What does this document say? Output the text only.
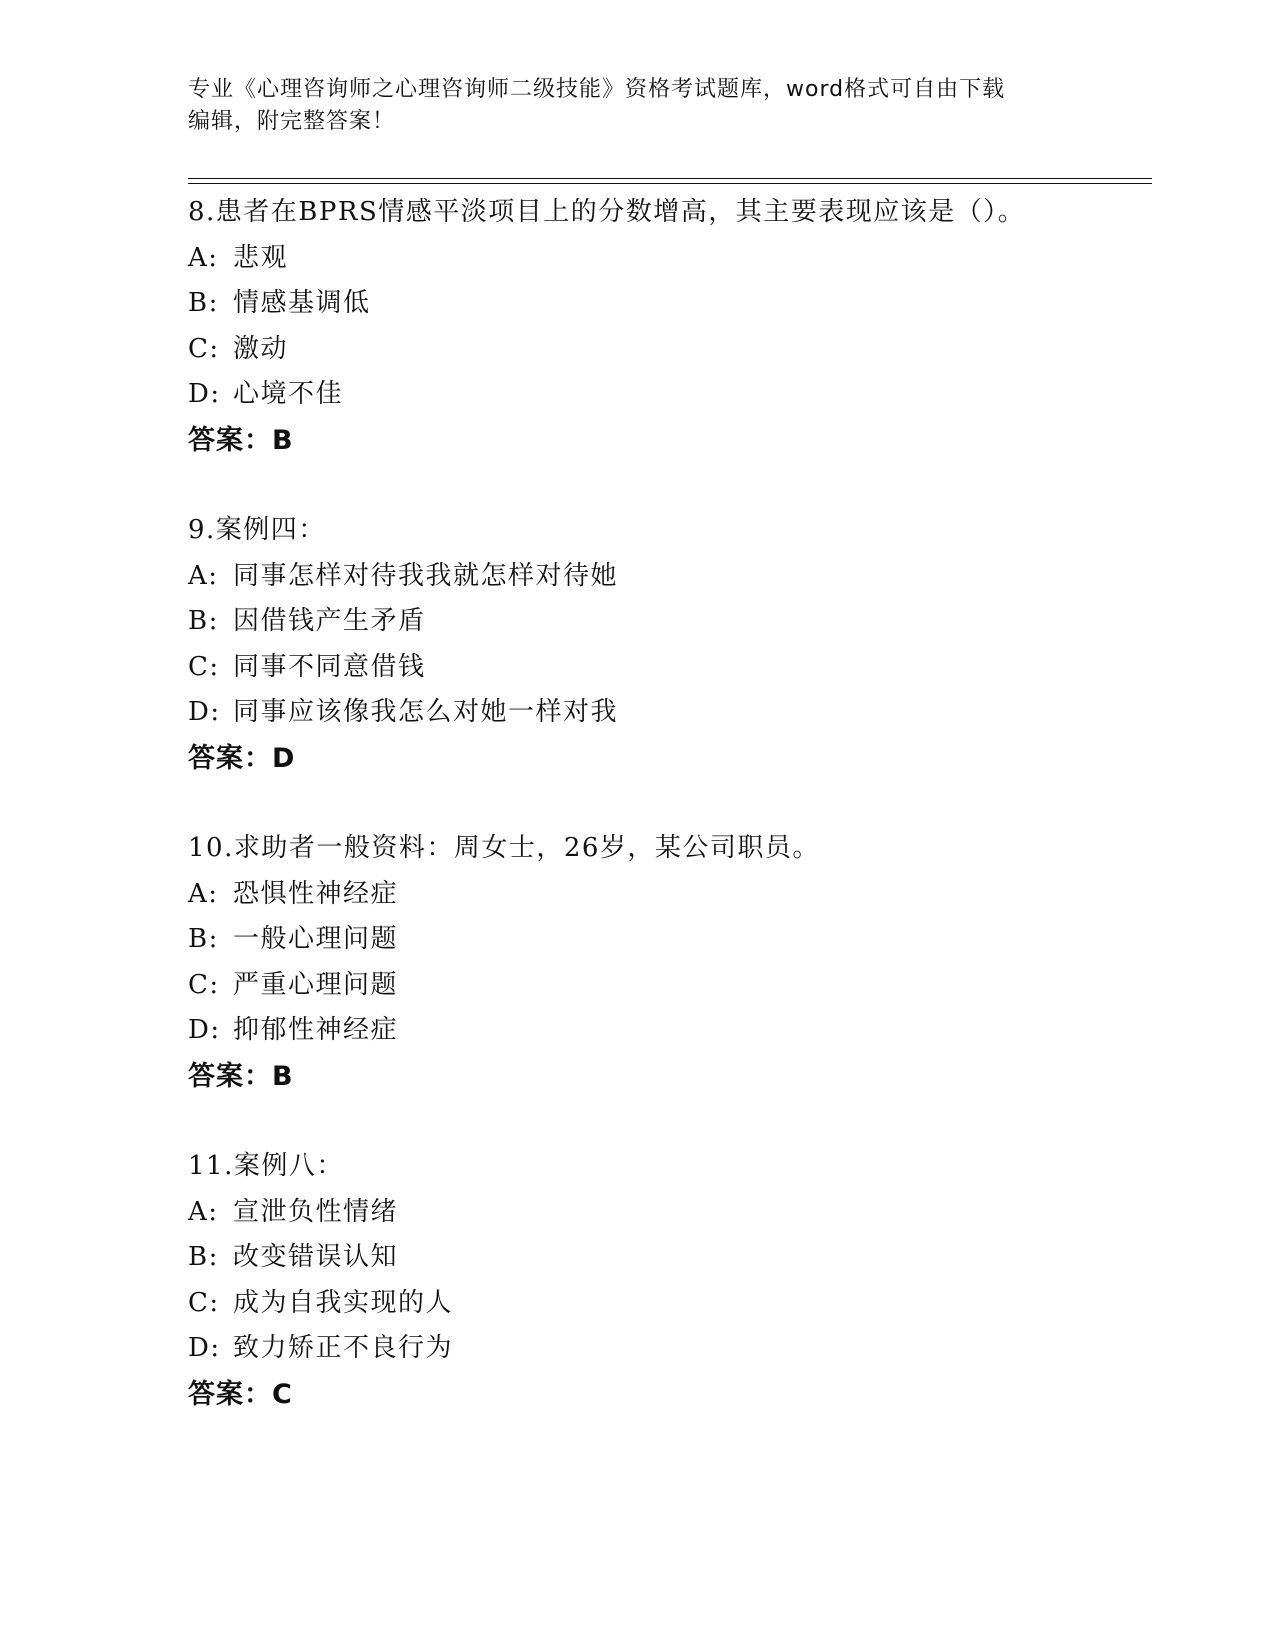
专业《心理咨询师之心理咨询师二级技能》资格考试题库，word格式可自由下载
编辑，附完整答案！
8.患者在BPRS情感平淡项目上的分数增高，其主要表现应该是（）。
A: 悲观
B: 情感基调低
C: 激动
D: 心境不佳
答案：B
9.案例四：
A: 同事怎样对待我我就怎样对待她
B: 因借钱产生矛盾
C: 同事不同意借钱
D: 同事应该像我怎么对她一样对我
答案：D
10.求助者一般资料：周女士，26岁，某公司职员。
A: 恐惧性神经症
B: 一般心理问题
C: 严重心理问题
D: 抑郁性神经症
答案：B
11.案例八：
A: 宣泄负性情绪
B: 改变错误认知
C: 成为自我实现的人
D: 致力矫正不良行为
答案：C
